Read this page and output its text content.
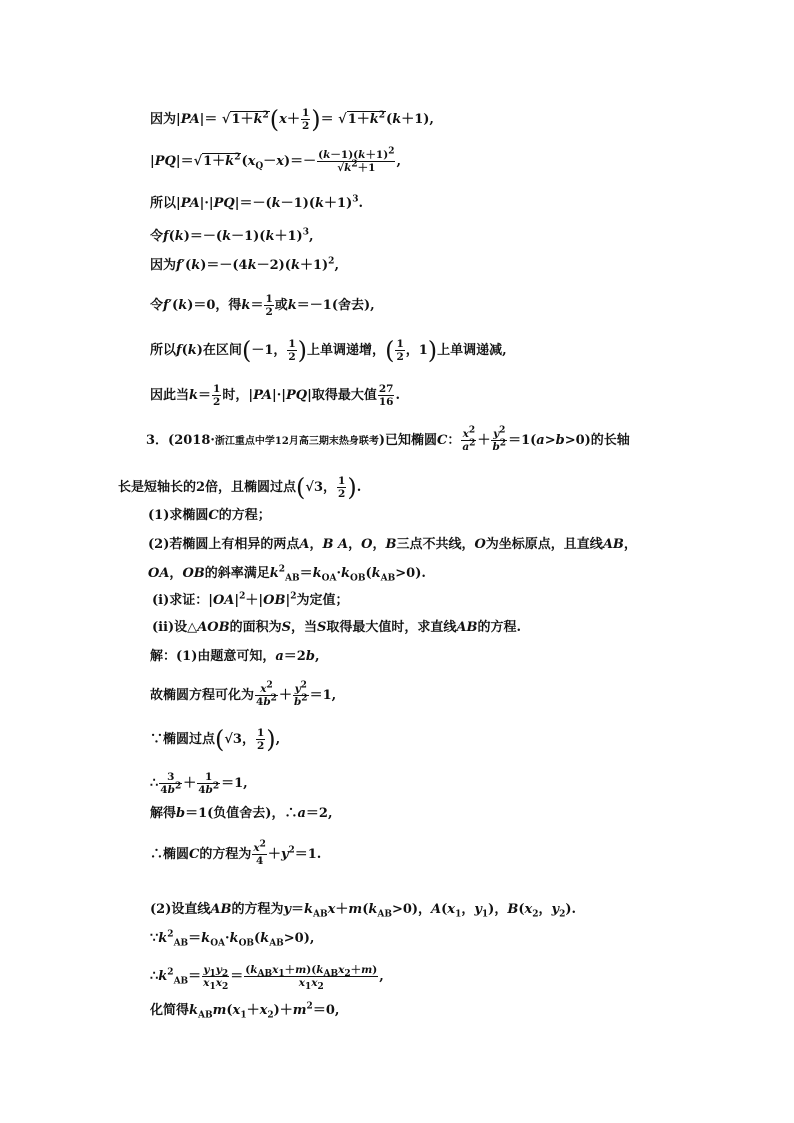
因为$|PA|= √1+k^2(x+ \frac{1}{2}$ )＝ $√1+k^2(k+1)$,
$|PQ|=√1+k^2(x_Q-x)=- \frac{(k-1)(k+1)2}{√k2+1}$ ,
所以$|PA|\cdot|PQ|=-(k-1)(k+1)^3$.
令$f(k)=-(k-1)(k+1)^3$,
因为$f'(k)=-(4k-2)(k+1)^2$,
令f′(k)＝0，得$k= \frac{1}{2}$ 或k＝－1(舍去),
所以f(k)在区间(－1， $\frac{1}{2}$ )上单调递增，( $\frac{1}{2}$ ，1)上单调递减,
因此当$k= \frac{1}{2}$ 时，|PA|·|PQ|取得最大值 $\frac{27}{16}$ .
3．(2018·浙江重点中学12月高三期末热身联考)已知椭圆C： $\frac{x2}{a2} + \frac{y2}{b2} =1(a>b>0)$的长轴
长是短轴长的2倍，且椭圆过点(√3， $\frac{1}{2}$ ).
(1)求椭圆C的方程；
(2)若椭圆上有相异的两点A，B A，O，B三点不共线，O为坐标原点，且直线AB，
OA，OB的斜率满足$k^2_{AB}=k_{OA}\cdot k_{OB}(k_{AB}>0)$.
(ⅰ)求证：$|OA|^2+|OB|^2$为定值；
(ⅱ)设△AOB的面积为S，当S取得最大值时，求直线AB的方程.
解：(1)由题意可知，a＝2b,
故椭圆方程可化为 $\frac{x2}{4b2} + \frac{y2}{b2} =1$,
∵椭圆过点(√3， $\frac{1}{2}$ ),
∴ $\frac{3}{4b2} + \frac{1}{4b2} =1$,
解得b＝1(负值舍去)，∴a＝2,
∴椭圆C的方程为 $\frac{x2}{4} +y^2=1$.
(2)设直线AB的方程为$y=k_{AB}x+m(k_{AB}>0)$，$A(x_1$，$y_1$)，$B(x_2$，$y_2$).
$\because k^2_{AB}=k_{OA}\cdot k_{OB}(k_{AB}>0)$,
$\therefore k^2_{AB}= \frac{y1y2}{x1x2} = \frac{\text{(kABx1＋m)(kABx2＋m)}}{x1x2}$ ,
化简得$k_{AB}m(x_1+x_2)+m^2=0$,
